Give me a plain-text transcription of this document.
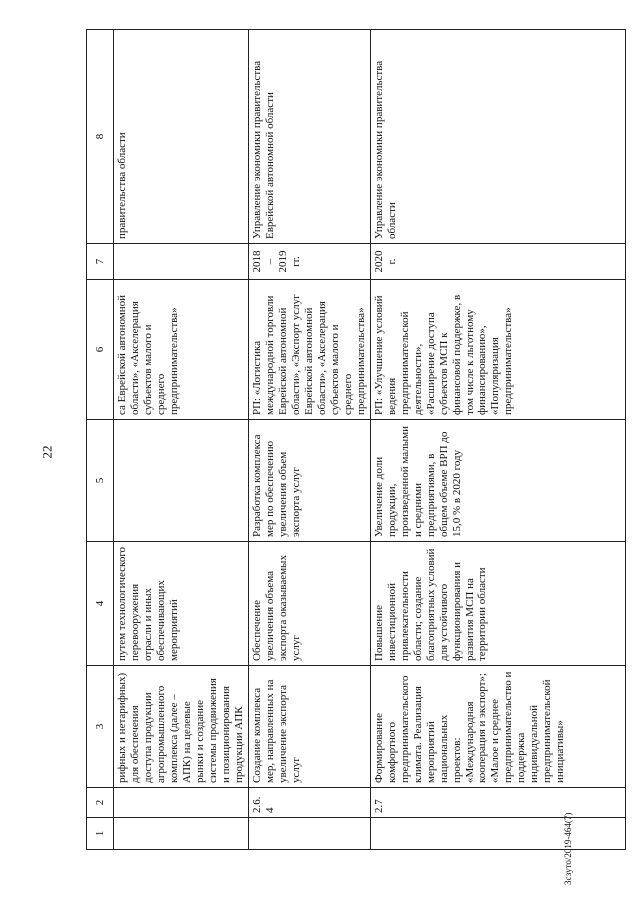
22
Зсзуто/2019-464(7)
1	2	3	4	5	6	7	8
		рифных и нетарифных) для обеспечения доступа продукции агропромышленного комплекса (далее – АПК) на целевые рынки и создание системы продвижения и позиционирования продукции АПК	путем технологического перевооружения отрасли и иных обеспечивающих мероприятий		са Еврейской автономной области», «Акселерация субъектов малого и среднего предпринимательства»		правительства области
	2.6.4	Создание комплекса мер, направленных на увеличение экспорта услуг	Обеспечение увеличения объема экспорта оказываемых услуг	Разработка комплекса мер по обеспечению увеличения объем экспорта услуг	РП: «Логистика международной торговли Еврейской автономной области», «Экспорт услуг Еврейской автономной области», «Акселерация субъектов малого и среднего предпринимательства»	2018 – 2019 гг.	Управление экономики правительства Еврейской автономной области
	2.7	Формирование комфортного предпринимательского климата. Реализация мероприятий национальных проектов: «Международная кооперация и экспорт»; «Малое и среднее предпринимательство и поддержка индивидуальной предпринимательской инициативы»	Повышение инвестиционной привлекательности области; создание благоприятных условий для устойчивого функционирования и развития МСП на территории области	Увеличение доли продукции, произведенной малыми и средними предприятиями, в общем объеме ВРП до 15,0 % в 2020 году	РП: «Улучшение условий ведения предпринимательской деятельности», «Расширение доступа субъектов МСП к финансовой поддержке, в том числе к льготному финансированию», «Популяризация предпринимательства»	2020 г.	Управление экономики правительства области
